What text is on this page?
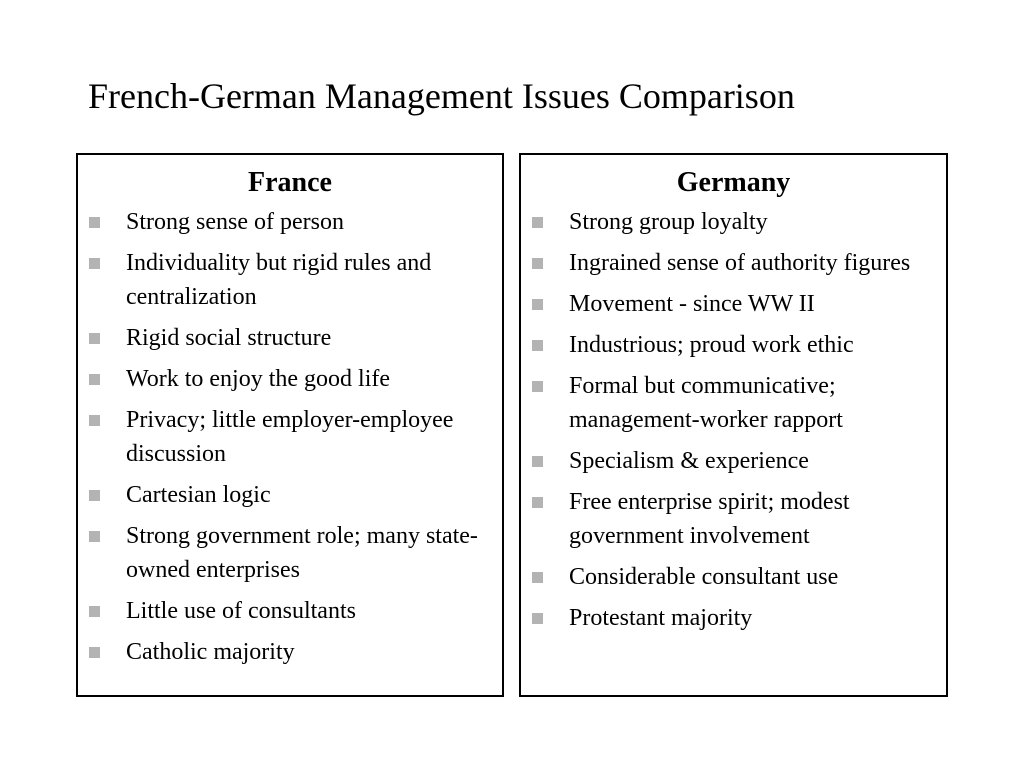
French-German Management Issues Comparison
France
Strong sense of person
Individuality but rigid rules and centralization
Rigid social structure
Work to enjoy the good life
Privacy; little employer-employee discussion
Cartesian logic
Strong government role; many state-owned enterprises
Little use of consultants
Catholic majority
Germany
Strong group loyalty
Ingrained sense of authority figures
Movement - since WW II
Industrious; proud work ethic
Formal but communicative; management-worker rapport
Specialism & experience
Free enterprise spirit; modest government involvement
Considerable consultant use
Protestant majority
